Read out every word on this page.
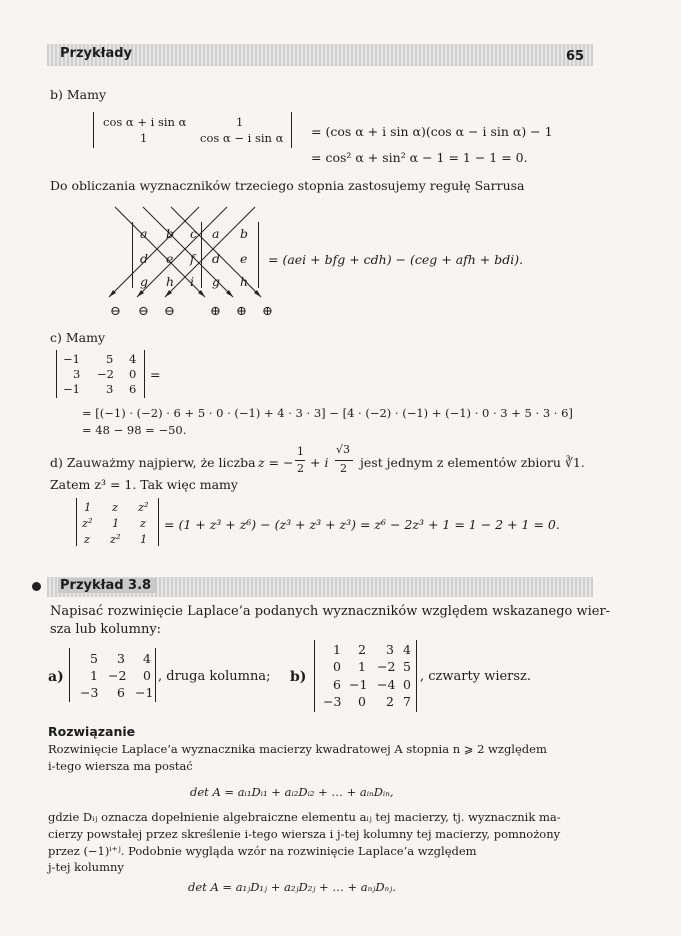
Przykłady	65
b) Mamy
cos α + i sin α	1
1	cos α − i sin α = (cos α + i sin α)(cos α − i sin α) − 1
= cos² α + sin² α − 1 = 1 − 1 = 0.
Do obliczania wyznaczników trzeciego stopnia zastosujemy regułę Sarrusa
a b c a b
d e f d e
g h i g h
= (aei + bfg + cdh) − (ceg + afh + bdi).
⊖ ⊖ ⊖	⊕ ⊕ ⊕
c) Mamy
−1 5 4
3 −2 0
−1 3 6
=
= [(−1) · (−2) · 6 + 5 · 0 · (−1) + 4 · 3 · 3] − [4 · (−2) · (−1) + (−1) · 0 · 3 + 5 · 3 · 6]
= 48 − 98 = −50.
d) Zauważmy najpierw, że liczba z = −
1
2 + i
√3
2 jest jednym z elementów zbioru ∛1.
Zatem z³ = 1. Tak więc mamy
1 z z²
z² 1 z
z z² 1
= (1 + z³ + z⁶) − (z³ + z³ + z³) = z⁶ − 2z³ + 1 = 1 − 2 + 1 = 0.
Przykład 3.8
Napisać rozwinięcie Laplace’a podanych wyznaczników względem wskazanego wier-
sza lub kolumny:
a)
5 3 4
1 −2 0
−3 6 −1
, druga kolumna; b)
1 2 3 4
0 1 −2 5
6 −1 −4 0
−3 0 2 7
, czwarty wiersz.
Rozwiązanie
Rozwinięcie Laplace’a wyznacznika macierzy kwadratowej A stopnia n ⩾ 2 względem
i-tego wiersza ma postać
det A = aᵢ₁Dᵢ₁ + aᵢ₂Dᵢ₂ + … + aᵢₙDᵢₙ,
gdzie Dᵢⱼ oznacza dopełnienie algebraiczne elementu aᵢⱼ tej macierzy, tj. wyznacznik ma-
cierzy powstałej przez skreślenie i-tego wiersza i j-tej kolumny tej macierzy, pomnożony
przez (−1)ⁱ⁺ʲ. Podobnie wygląda wzór na rozwinięcie Laplace’a względem
j-tej kolumny
det A = a₁ⱼD₁ⱼ + a₂ⱼD₂ⱼ + … + aₙⱼDₙⱼ.
